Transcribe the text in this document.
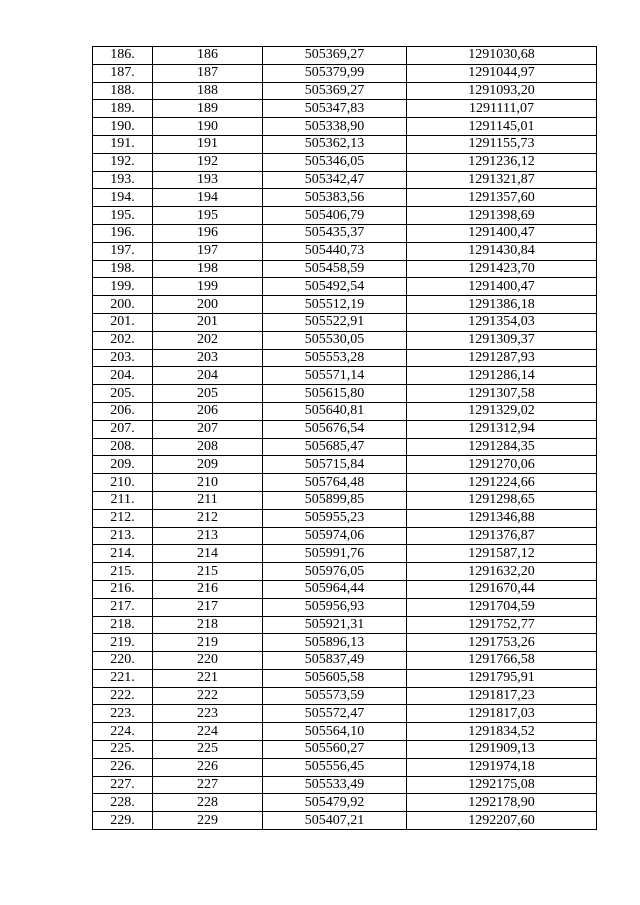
186.	186	505369,27	1291030,68
187.	187	505379,99	1291044,97
188.	188	505369,27	1291093,20
189.	189	505347,83	1291111,07
190.	190	505338,90	1291145,01
191.	191	505362,13	1291155,73
192.	192	505346,05	1291236,12
193.	193	505342,47	1291321,87
194.	194	505383,56	1291357,60
195.	195	505406,79	1291398,69
196.	196	505435,37	1291400,47
197.	197	505440,73	1291430,84
198.	198	505458,59	1291423,70
199.	199	505492,54	1291400,47
200.	200	505512,19	1291386,18
201.	201	505522,91	1291354,03
202.	202	505530,05	1291309,37
203.	203	505553,28	1291287,93
204.	204	505571,14	1291286,14
205.	205	505615,80	1291307,58
206.	206	505640,81	1291329,02
207.	207	505676,54	1291312,94
208.	208	505685,47	1291284,35
209.	209	505715,84	1291270,06
210.	210	505764,48	1291224,66
211.	211	505899,85	1291298,65
212.	212	505955,23	1291346,88
213.	213	505974,06	1291376,87
214.	214	505991,76	1291587,12
215.	215	505976,05	1291632,20
216.	216	505964,44	1291670,44
217.	217	505956,93	1291704,59
218.	218	505921,31	1291752,77
219.	219	505896,13	1291753,26
220.	220	505837,49	1291766,58
221.	221	505605,58	1291795,91
222.	222	505573,59	1291817,23
223.	223	505572,47	1291817,03
224.	224	505564,10	1291834,52
225.	225	505560,27	1291909,13
226.	226	505556,45	1291974,18
227.	227	505533,49	1292175,08
228.	228	505479,92	1292178,90
229.	229	505407,21	1292207,60
